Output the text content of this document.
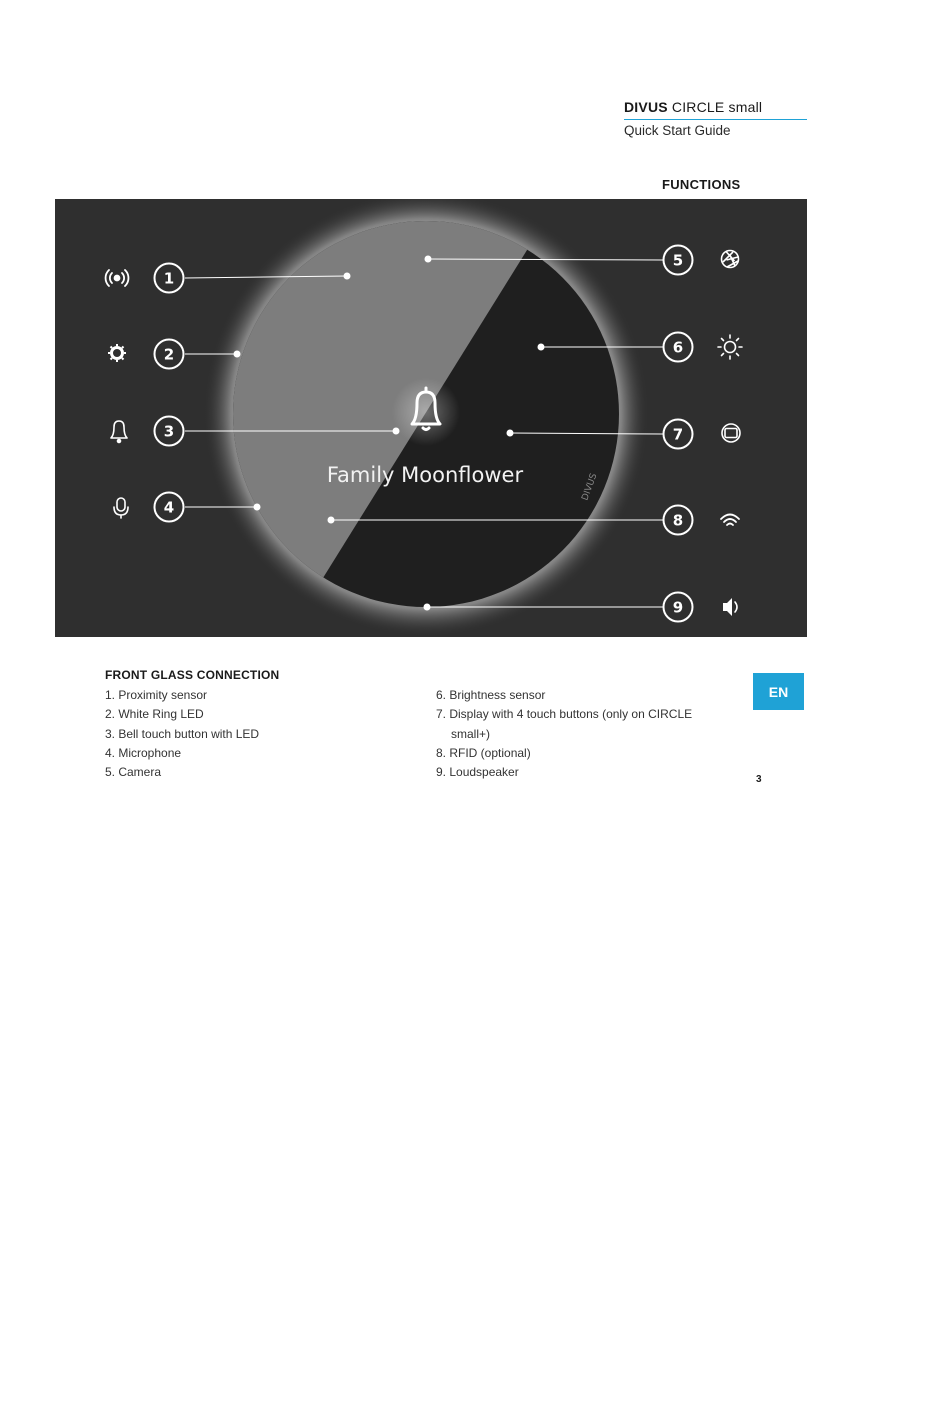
DIVUS CIRCLE small
Quick Start Guide
FUNCTIONS
Family Moonflower	DIVUS
1
2
3
4
5
6
7
8
9
FRONT GLASS CONNECTION
1. Proximity sensor
2. White Ring LED
3. Bell touch button with LED
4. Microphone
5. Camera
6. Brightness sensor
7. Display with 4 touch buttons (only on CIRCLE
small+)
8. RFID (optional)
9. Loudspeaker
EN
3
